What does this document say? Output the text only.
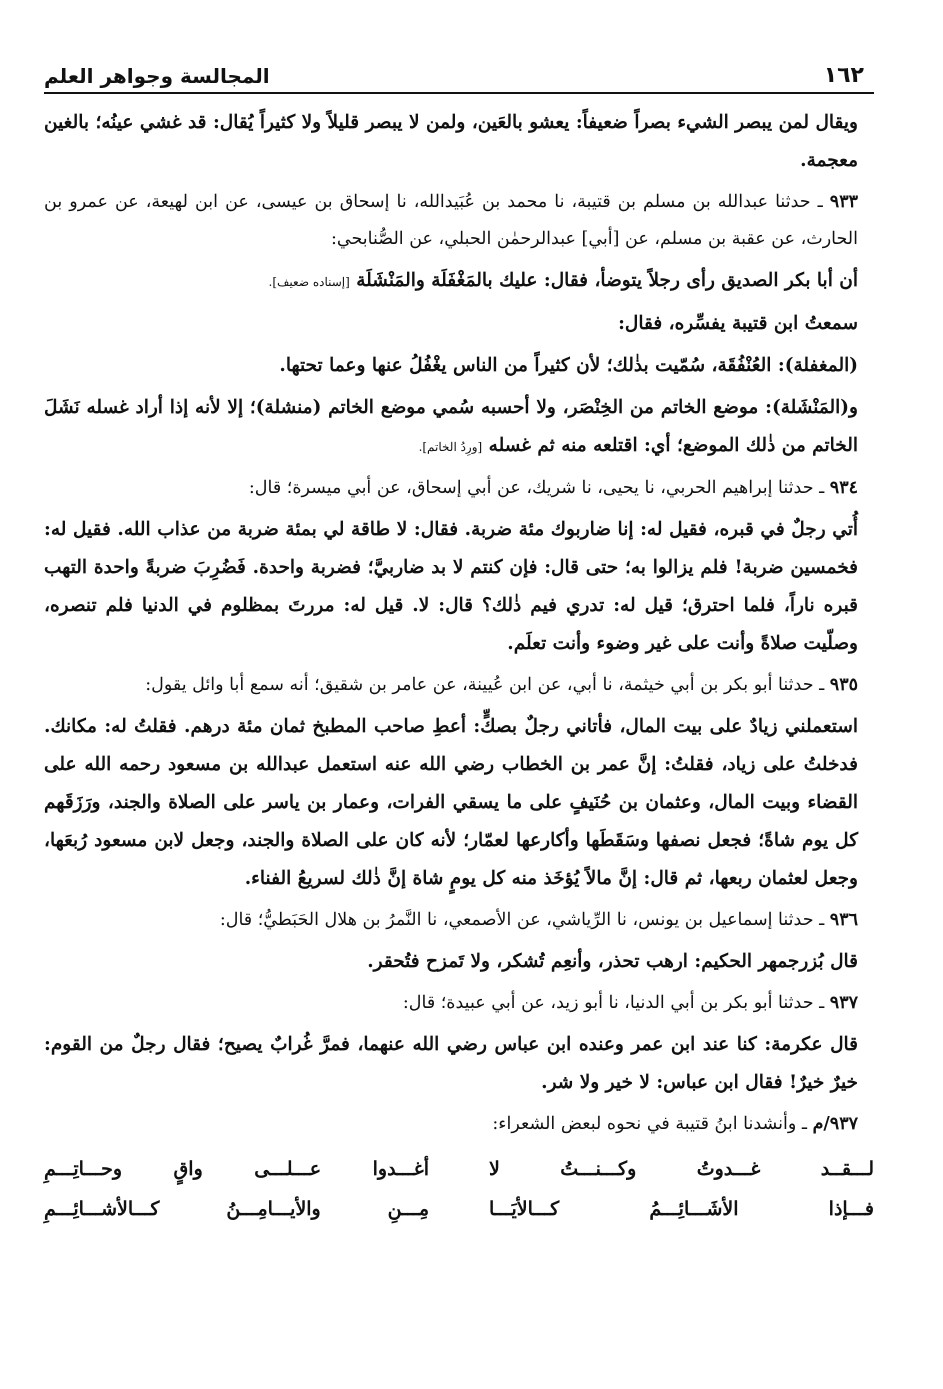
١٦٢
المجالسة وجواهر العلم

ويقال لمن يبصر الشيء بصراً ضعيفاً: يعشو بالعَين، ولمن لا يبصر قليلاً ولا كثيراً يُقال: قد غشي عينُه؛ بالغين معجمة.

٩٣٣ ـ حدثنا عبدالله بن مسلم بن قتيبة، نا محمد بن عُبَيدالله، نا إسحاق بن عيسى، عن ابن لهيعة، عن عمرو بن الحارث، عن عقبة بن مسلم، عن [أبي] عبدالرحمٰن الحبلي، عن الصُّنابحي:

أن أبا بكر الصديق رأى رجلاً يتوضأ، فقال: عليك بالمَغْفَلَة والمَنْشَلَة [إسناده ضعيف].

سمعتُ ابن قتيبة يفسِّره، فقال:

(المغفلة): العُنْفُقَة، سُمّيت بذٰلك؛ لأن كثيراً من الناس يغْفُلُ عنها وعما تحتها.

و(المَنْشَلة): موضع الخاتم من الخِنْصَر، ولا أحسبه سُمي موضع الخاتم (منشلة)؛ إلا لأنه إذا أراد غسله نَشَلَ الخاتم من ذٰلك الموضع؛ أي: اقتلعه منه ثم غسله [ورِدُ الخاتم].

٩٣٤ ـ حدثنا إبراهيم الحربي، نا يحيى، نا شريك، عن أبي إسحاق، عن أبي ميسرة؛ قال:

أُتي رجلٌ في قبره، فقيل له: إنا ضاربوك مئة ضربة. فقال: لا طاقة لي بمئة ضربة من عذاب الله. فقيل له: فخمسين ضربة! فلم يزالوا به؛ حتى قال: فإن كنتم لا بد ضاربيَّ؛ فضربة واحدة. فَضُرِبَ ضربةً واحدة التهب قبره ناراً، فلما احترق؛ قيل له: تدري فيم ذٰلك؟ قال: لا. قيل له: مررتَ بمظلوم في الدنيا فلم تنصره، وصلّيت صلاةً وأنت على غير وضوء وأنت تعلَم.

٩٣٥ ـ حدثنا أبو بكر بن أبي خيثمة، نا أبي، عن ابن عُيينة، عن عامر بن شقيق؛ أنه سمع أبا وائل يقول:

استعملني زيادٌ على بيت المال، فأتاني رجلٌ بصكٍّ: أعطِ صاحب المطبخ ثمان مئة درهم. فقلتُ له: مكانك. فدخلتُ على زياد، فقلتُ: إنَّ عمر بن الخطاب رضي الله عنه استعمل عبدالله بن مسعود رحمه الله على القضاء وبيت المال، وعثمان بن حُنَيفٍ على ما يسقي الفرات، وعمار بن ياسر على الصلاة والجند، ورَزَقَهم كل يوم شاةً؛ فجعل نصفها وسَقَطَها وأكارعها لعمّار؛ لأنه كان على الصلاة والجند، وجعل لابن مسعود رُبعَها، وجعل لعثمان ربعها، ثم قال: إنَّ مالاً يُؤخَذ منه كل يومٍ شاة إنَّ ذٰلك لسريعُ الفناء.

٩٣٦ ـ حدثنا إسماعيل بن يونس، نا الرِّياشي، عن الأصمعي، نا النَّمرُ بن هلال الحَبَطيُّ؛ قال:

قال بُزرجمهر الحكيم: ارهب تحذر، وأنعِم تُشكر، ولا تَمزح فتُحقر.

٩٣٧ ـ حدثنا أبو بكر بن أبي الدنيا، نا أبو زيد، عن أبي عبيدة؛ قال:

قال عكرمة: كنا عند ابن عمر وعنده ابن عباس رضي الله عنهما، فمرَّ غُرابٌ يصيح؛ فقال رجلٌ من القوم: خيرٌ خيرٌ! فقال ابن عباس: لا خير ولا شر.

٩٣٧/م ـ وأنشدنا ابنُ قتيبة في نحوه لبعض الشعراء:

لـــقــد غـــدوتُ وكـــنـــتُ لا
أغـــدوا عـــلـــى واقٍ وحـــاتِـــمِ
فـــإذا الأشَـــائِـــمُ كـــالأيَـــا
مِـــنِ والأيـــامِـــنُ كـــالأشـــائِـــمِ
